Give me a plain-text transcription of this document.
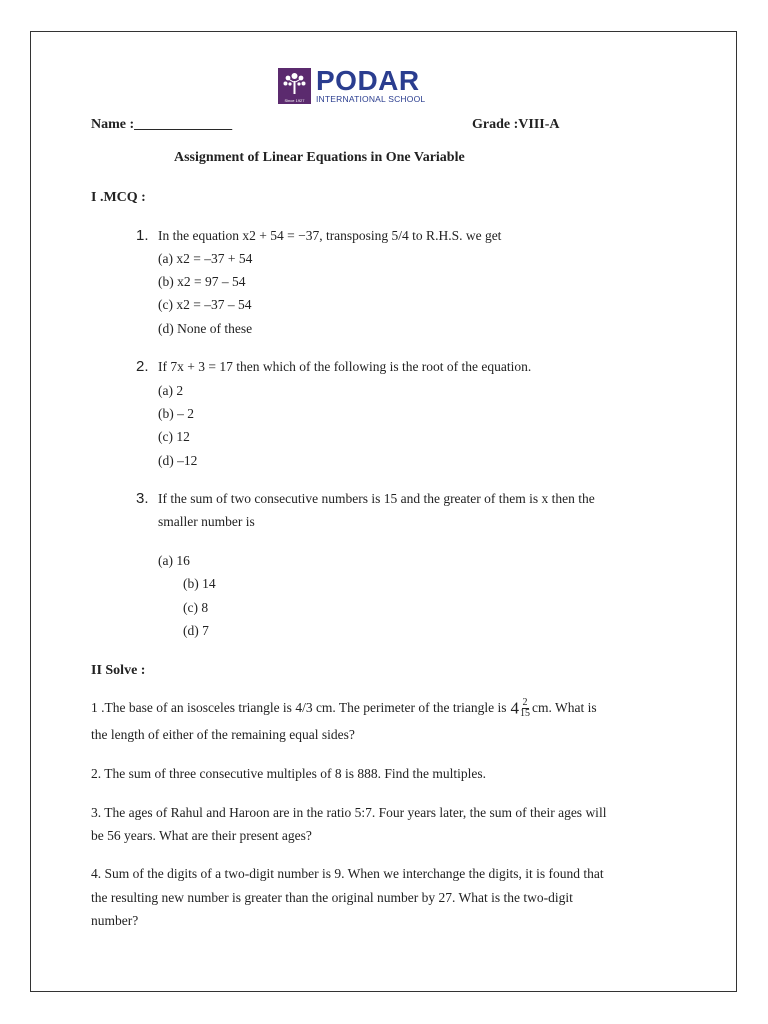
Since 1927
PODAR
INTERNATIONAL SCHOOL
Name :______________	Grade :VIII-A
Assignment of Linear Equations in One Variable
I .MCQ :
1. In the equation x2 + 54 = −37, transposing 5/4 to R.H.S. we get
(a) x2 = –37 + 54
(b) x2 = 97 – 54
(c) x2 = –37 – 54
(d) None of these
2. If 7x + 3 = 17 then which of the following is the root of the equation.
(a) 2
(b) – 2
(c) 12
(d) –12
3. If the sum of two consecutive numbers is 15 and the greater of them is x then the
smaller number is
(a) 16
(b) 14
(c) 8
(d) 7
II Solve :
1 .The base of an isosceles triangle is 4/3 cm. The perimeter of the triangle is $4 \frac{2}{15}$ cm. What is
the length of either of the remaining equal sides?
2. The sum of three consecutive multiples of 8 is 888. Find the multiples.
3. The ages of Rahul and Haroon are in the ratio 5:7. Four years later, the sum of their ages will
be 56 years. What are their present ages?
4. Sum of the digits of a two-digit number is 9. When we interchange the digits, it is found that
the resulting new number is greater than the original number by 27. What is the two-digit
number?
